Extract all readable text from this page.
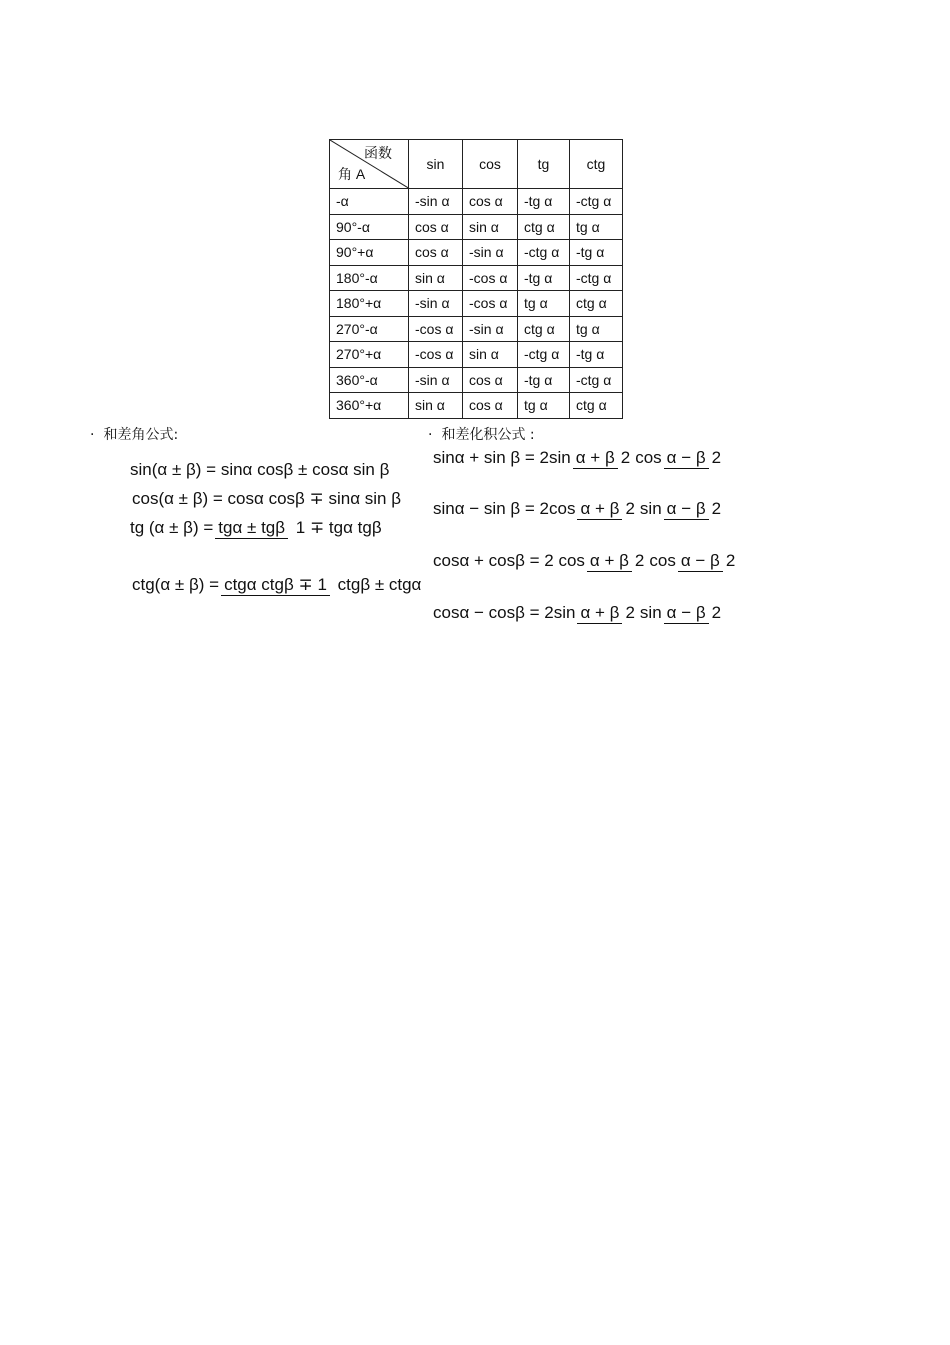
函数
角 A	sin	cos	tg	ctg
-α	-sin α	cos α	-tg α	-ctg α
90°-α	cos α	sin α	ctg α	tg α
90°+α	cos α	-sin α	-ctg α	-tg α
180°-α	sin α	-cos α	-tg α	-ctg α
180°+α	-sin α	-cos α	tg α	ctg α
270°-α	-cos α	-sin α	ctg α	tg α
270°+α	-cos α	sin α	-ctg α	-tg α
360°-α	-sin α	cos α	-tg α	-ctg α
360°+α	sin α	cos α	tg α	ctg α
· 和差角公式:
sin(α ± β)
= sinα cosβ ± cosα sin β
cos(α ± β)
= cosα cosβ ∓ sinα sin β
tg (α ± β)
= tgα ± tgβ 1 ∓ tgα tgβ
ctg(α ± β)
= ctgα ctgβ ∓ 1 ctgβ ± ctgα
· 和差化积公式 :
sinα + sin β
= 2sin α + β 2 cos α − β 2
sinα − sin β
= 2cos α + β 2 sin α − β 2
cosα + cosβ
= 2 cos α + β 2 cos α − β 2
cosα − cosβ
= 2sin α + β 2 sin α − β 2
